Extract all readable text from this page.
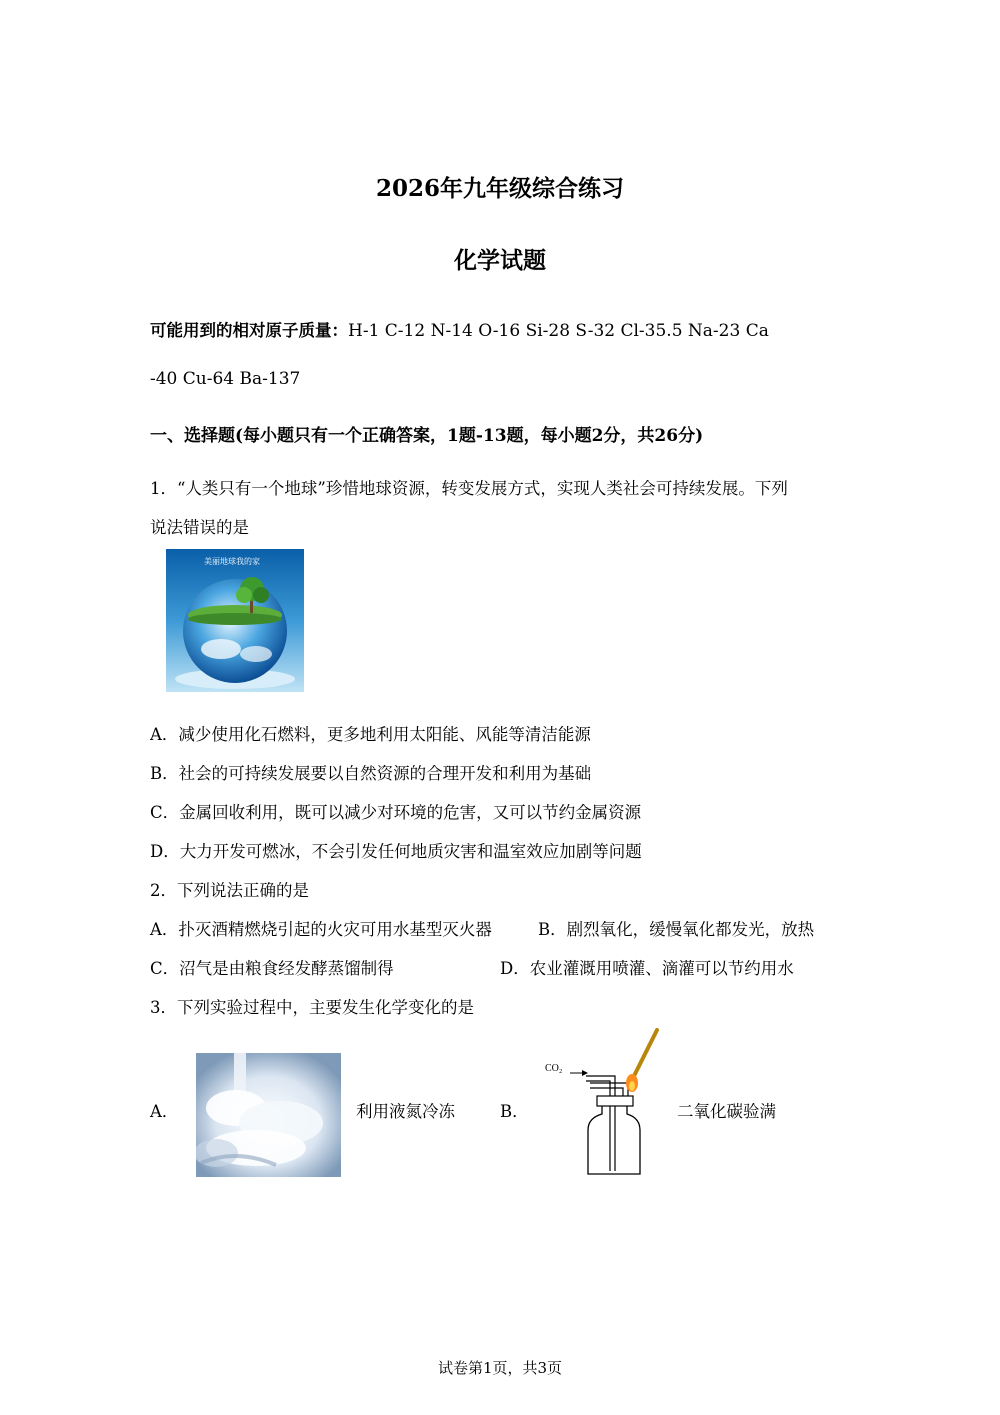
2026年九年级综合练习
化学试题
可能用到的相对原子质量：H-1 C-12 N-14 O-16 Si-28 S-32 Cl-35.5 Na-23 Ca
-40 Cu-64 Ba-137
一、选择题(每小题只有一个正确答案，1题-13题，每小题2分，共26分)
1．“人类只有一个地球”珍惜地球资源，转变发展方式，实现人类社会可持续发展。下列
说法错误的是
美丽地球我的家
A．减少使用化石燃料，更多地利用太阳能、风能等清洁能源
B．社会的可持续发展要以自然资源的合理开发和利用为基础
C．金属回收利用，既可以减少对环境的危害，又可以节约金属资源
D．大力开发可燃冰，不会引发任何地质灾害和温室效应加剧等问题
2．下列说法正确的是
A．扑灭酒精燃烧引起的火灾可用水基型灭火器	B．剧烈氧化，缓慢氧化都发光，放热
C．沼气是由粮食经发酵蒸馏制得	D．农业灌溉用喷灌、滴灌可以节约用水
3．下列实验过程中，主要发生化学变化的是
A．	利用液氮冷冻	B．
CO₂
二氧化碳验满
试卷第1页，共3页
